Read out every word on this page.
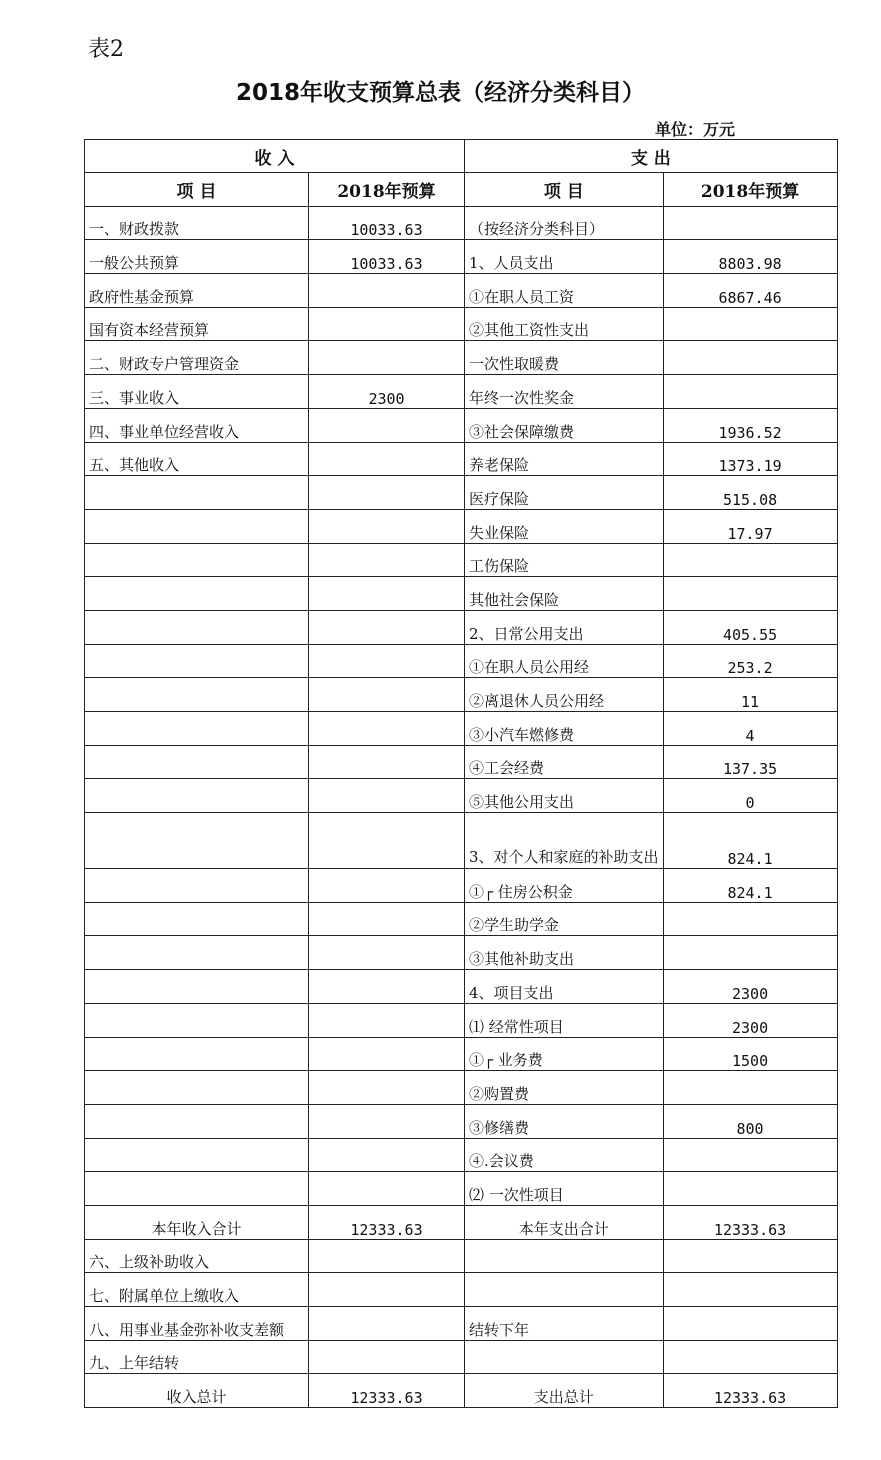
表2
2018年收支预算总表（经济分类科目）
单位：万元
收 入		支 出	
项 目	2018年预算	项 目	2018年预算
一、财政拨款	10033.63	（按经济分类科目）	
一般公共预算	10033.63	1、人员支出	8803.98
政府性基金预算		①在职人员工资	6867.46
国有资本经营预算		②其他工资性支出	
二、财政专户管理资金		一次性取暖费	
三、事业收入	2300	年终一次性奖金	
四、事业单位经营收入		③社会保障缴费	1936.52
五、其他收入		养老保险	1373.19
		医疗保险	515.08
		失业保险	17.97
		工伤保险	
		其他社会保险	
		2、日常公用支出	405.55
		①在职人员公用经	253.2
		②离退休人员公用经	11
		③小汽车燃修费	4
		④工会经费	137.35
		⑤其他公用支出	0
		3、对个人和家庭的补助支出	824.1
		①┌ 住房公积金	824.1
		②学生助学金	
		③其他补助支出	
		4、项目支出	2300
		⑴ 经常性项目	2300
		①┌ 业务费	1500
		②购置费	
		③修缮费	800
		④.会议费	
		⑵ 一次性项目	
本年收入合计	12333.63	本年支出合计	12333.63
六、上级补助收入			
七、附属单位上缴收入			
八、用事业基金弥补收支差额		结转下年	
九、上年结转			
收入总计	12333.63	支出总计	12333.63
